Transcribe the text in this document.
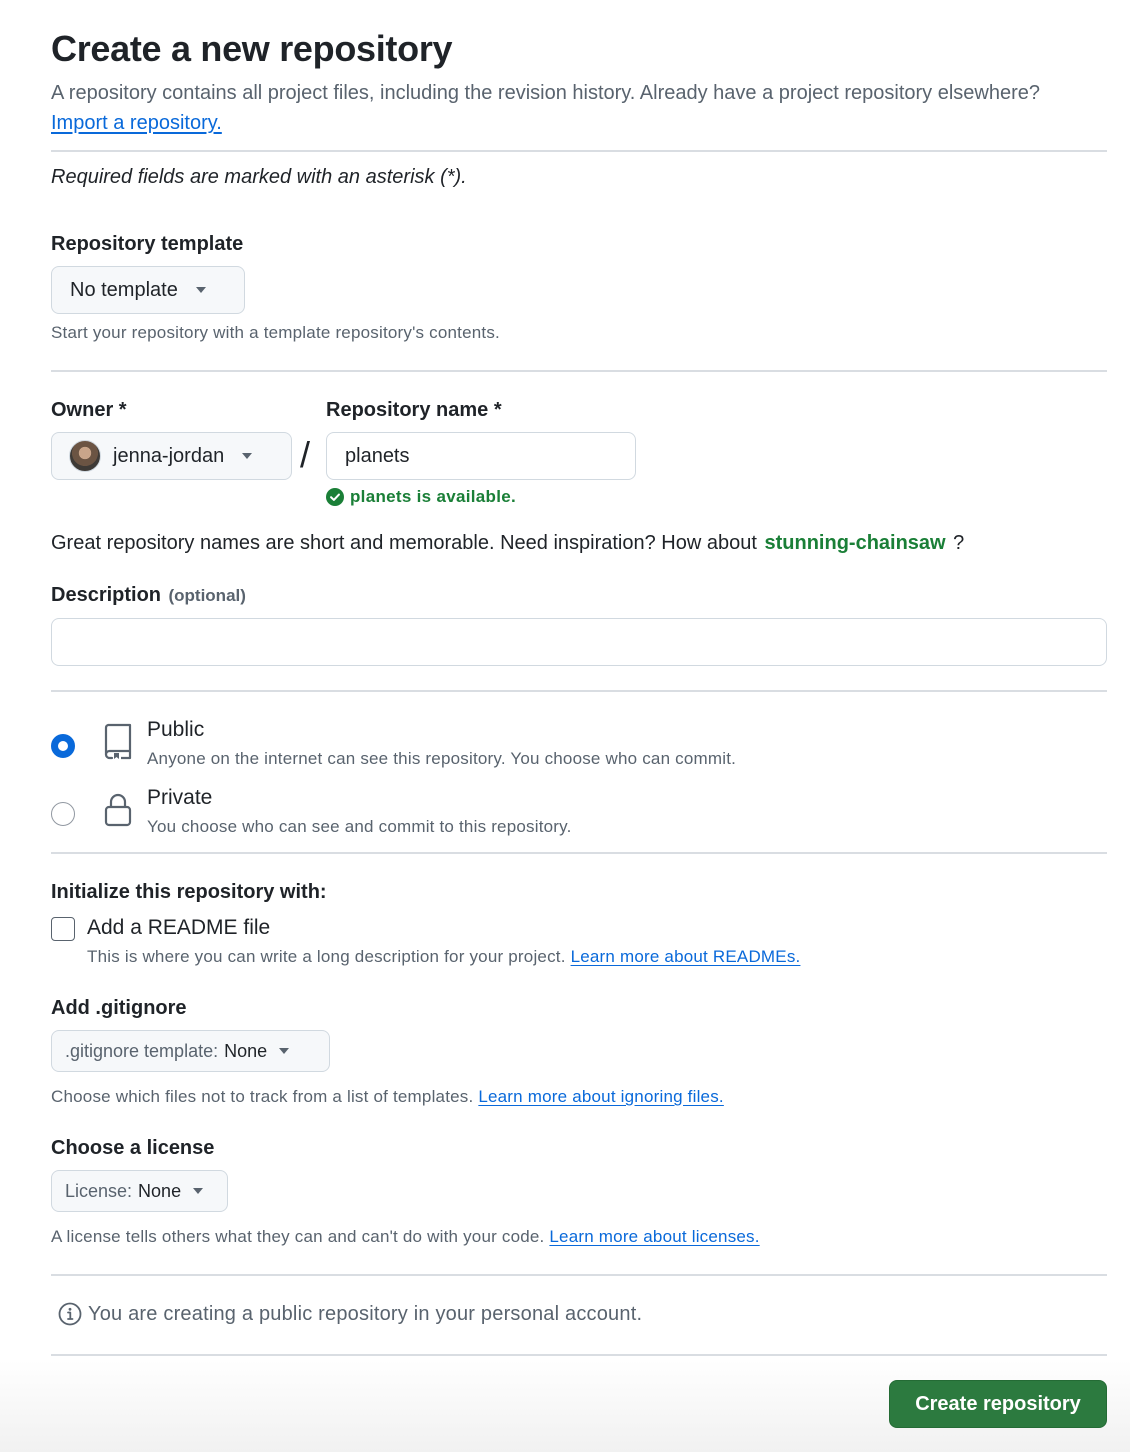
Create a new repository
A repository contains all project files, including the revision history. Already have a project repository elsewhere? Import a repository.
Required fields are marked with an asterisk (*).
Repository template
No template
Start your repository with a template repository's contents.
Owner *
jenna-jordan /
Repository name *
planets
planets is available.
Great repository names are short and memorable. Need inspiration? How about stunning-chainsaw ?
Description (optional)
Public
Anyone on the internet can see this repository. You choose who can commit.
Private
You choose who can see and commit to this repository.
Initialize this repository with:
Add a README file
This is where you can write a long description for your project. Learn more about READMEs.
Add .gitignore
.gitignore template: None
Choose which files not to track from a list of templates. Learn more about ignoring files.
Choose a license
License: None
A license tells others what they can and can't do with your code. Learn more about licenses.
You are creating a public repository in your personal account.
Create repository
